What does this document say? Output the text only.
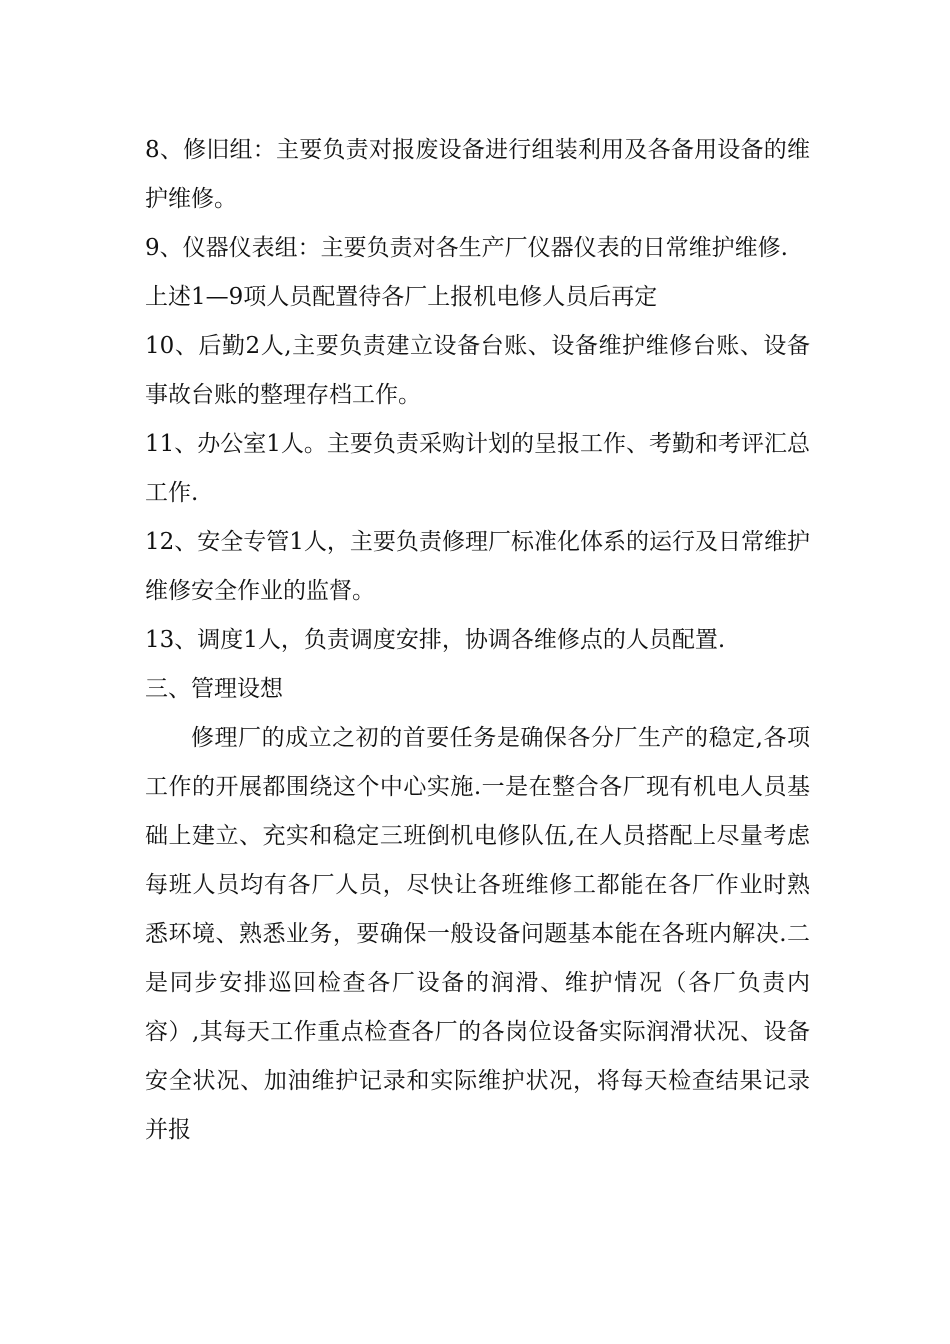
8、修旧组：主要负责对报废设备进行组装利用及各备用设备的维护维修。

9、仪器仪表组：主要负责对各生产厂仪器仪表的日常维护维修.

上述1—9项人员配置待各厂上报机电修人员后再定

10、后勤2人,主要负责建立设备台账、设备维护维修台账、设备事故台账的整理存档工作。

11、办公室1人。主要负责采购计划的呈报工作、考勤和考评汇总工作.

12、安全专管1人，主要负责修理厂标准化体系的运行及日常维护维修安全作业的监督。

13、调度1人，负责调度安排，协调各维修点的人员配置.

三、管理设想

修理厂的成立之初的首要任务是确保各分厂生产的稳定,各项工作的开展都围绕这个中心实施.一是在整合各厂现有机电人员基础上建立、充实和稳定三班倒机电修队伍,在人员搭配上尽量考虑每班人员均有各厂人员，尽快让各班维修工都能在各厂作业时熟悉环境、熟悉业务，要确保一般设备问题基本能在各班内解决.二是同步安排巡回检查各厂设备的润滑、维护情况（各厂负责内容）,其每天工作重点检查各厂的各岗位设备实际润滑状况、设备安全状况、加油维护记录和实际维护状况，将每天检查结果记录并报
